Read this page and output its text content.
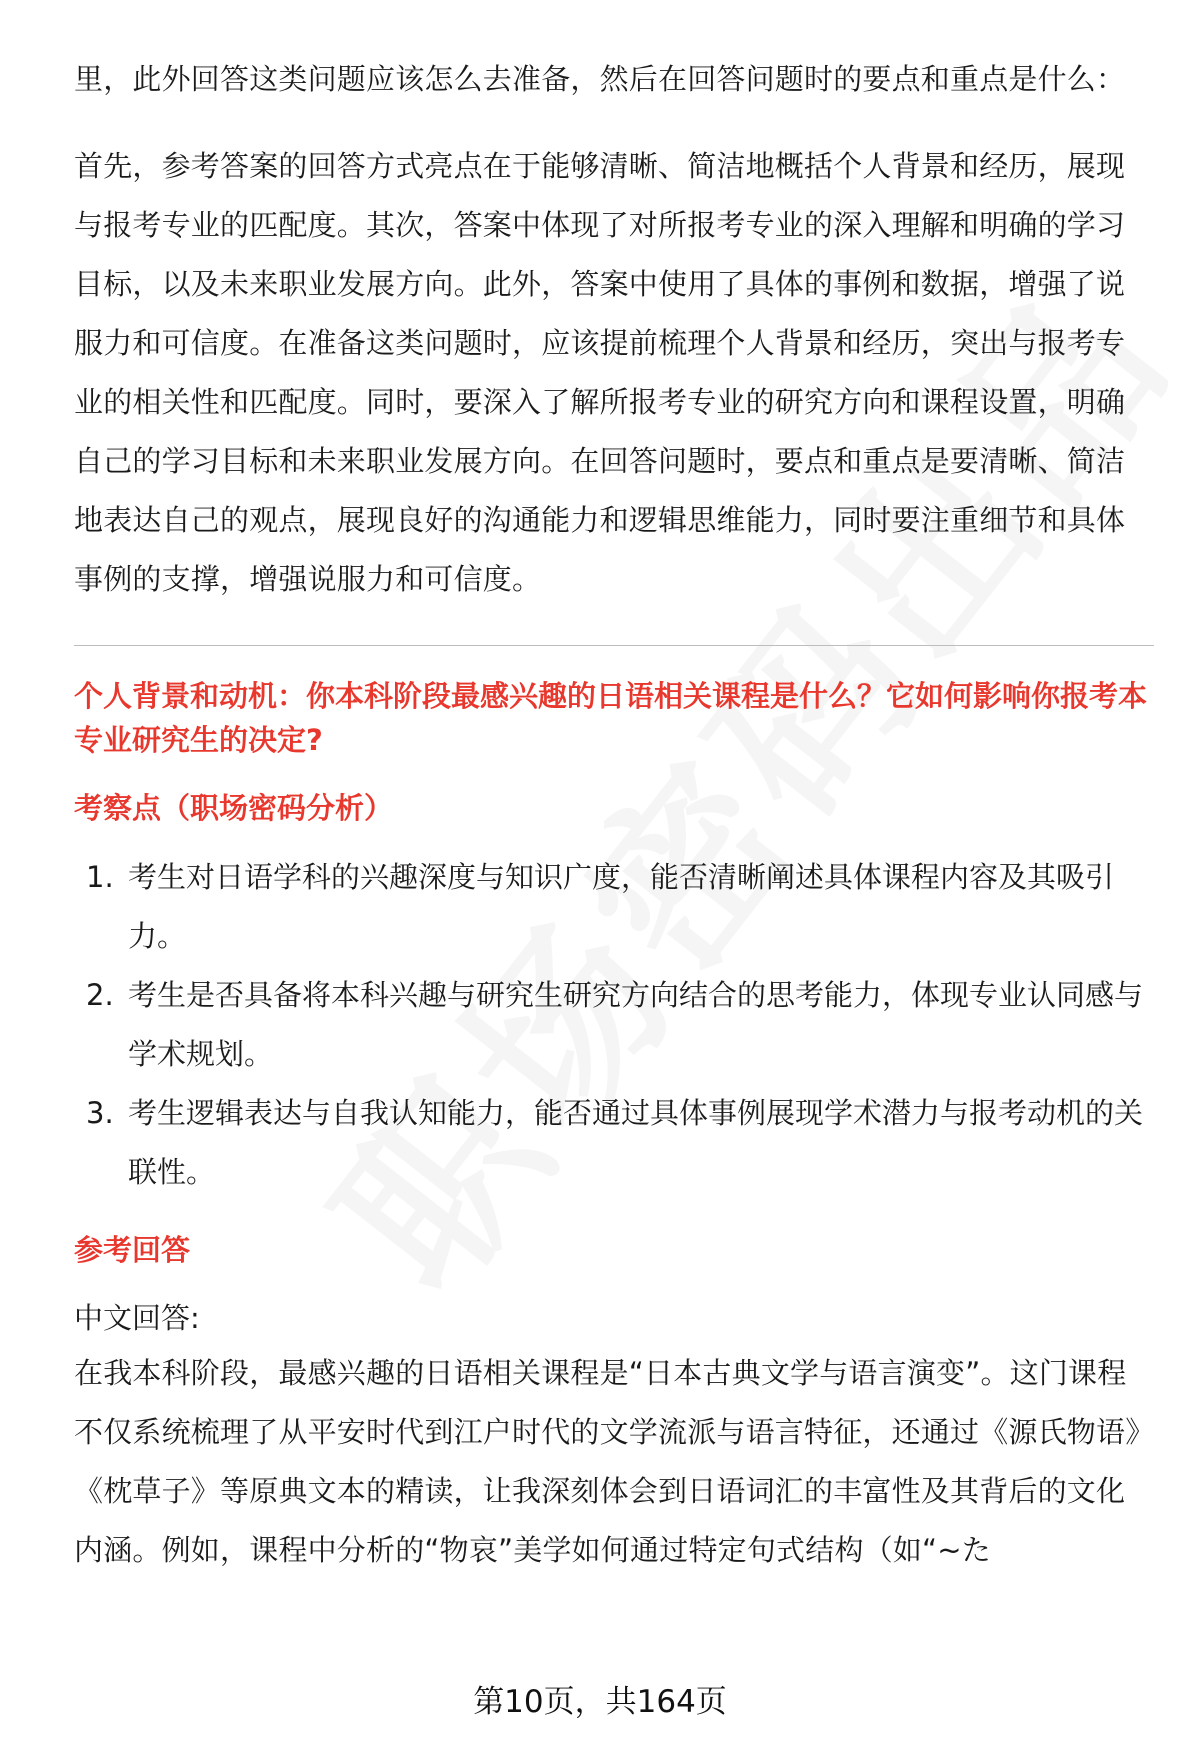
里，此外回答这类问题应该怎么去准备，然后在回答问题时的要点和重点是什么：

首先，参考答案的回答方式亮点在于能够清晰、简洁地概括个人背景和经历，展现与报考专业的匹配度。其次，答案中体现了对所报考专业的深入理解和明确的学习目标，以及未来职业发展方向。此外，答案中使用了具体的事例和数据，增强了说服力和可信度。在准备这类问题时，应该提前梳理个人背景和经历，突出与报考专业的相关性和匹配度。同时，要深入了解所报考专业的研究方向和课程设置，明确自己的学习目标和未来职业发展方向。在回答问题时，要点和重点是要清晰、简洁地表达自己的观点，展现良好的沟通能力和逻辑思维能力，同时要注重细节和具体事例的支撑，增强说服力和可信度。

个人背景和动机：你本科阶段最感兴趣的日语相关课程是什么？它如何影响你报考本专业研究生的决定?

考察点（职场密码分析）

1. 考生对日语学科的兴趣深度与知识广度，能否清晰阐述具体课程内容及其吸引力。
2. 考生是否具备将本科兴趣与研究生研究方向结合的思考能力，体现专业认同感与学术规划。
3. 考生逻辑表达与自我认知能力，能否通过具体事例展现学术潜力与报考动机的关联性。

参考回答

中文回答:

在我本科阶段，最感兴趣的日语相关课程是“日本古典文学与语言演变”。这门课程不仅系统梳理了从平安时代到江户时代的文学流派与语言特征，还通过《源氏物语》《枕草子》等原典文本的精读，让我深刻体会到日语词汇的丰富性及其背后的文化内涵。例如，课程中分析的“物哀”美学如何通过特定句式结构（如“~た

第10页，共164页
